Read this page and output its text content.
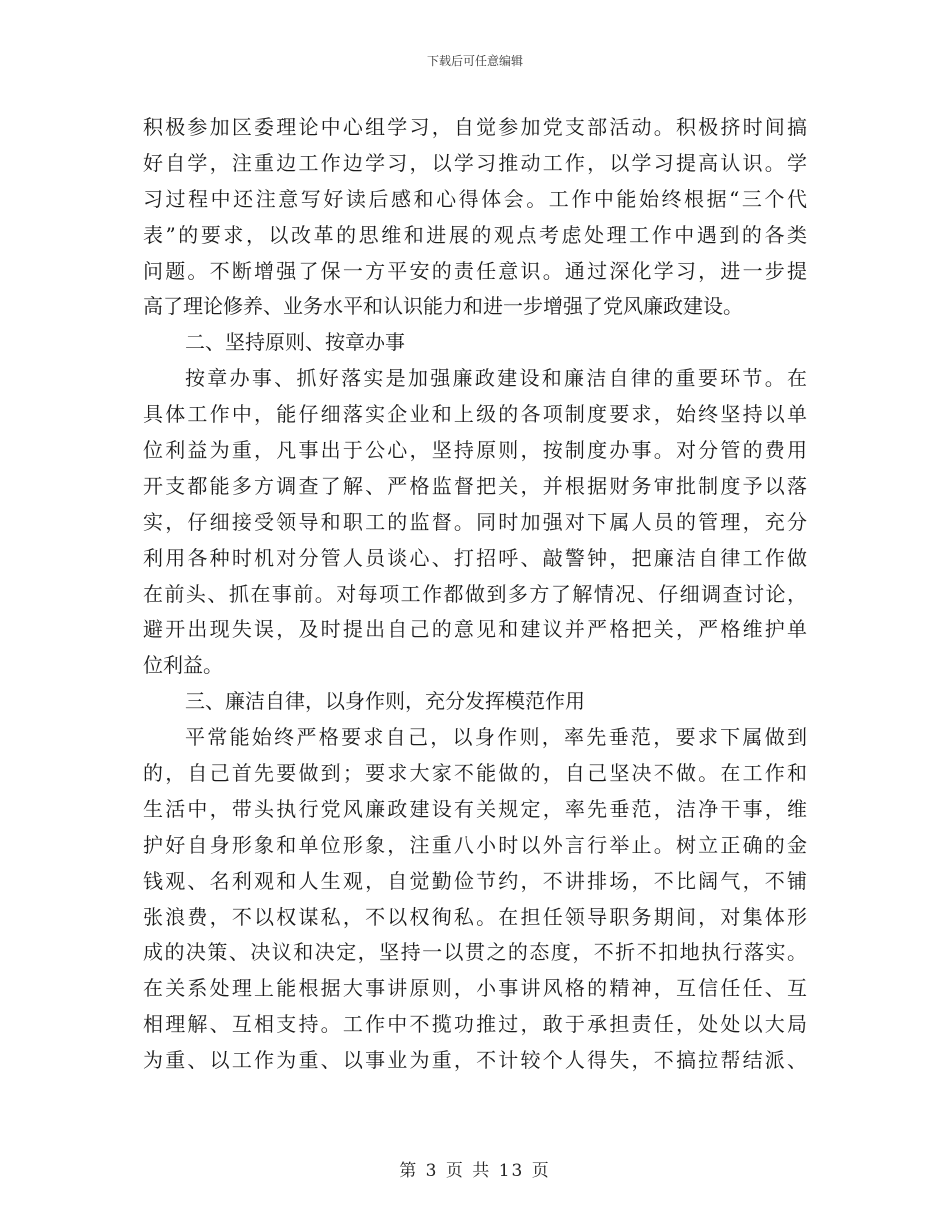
下载后可任意编辑
积极参加区委理论中心组学习，自觉参加党支部活动。积极挤时间搞
好自学，注重边工作边学习，以学习推动工作，以学习提高认识。学
习过程中还注意写好读后感和心得体会。工作中能始终根据“三个代
表”的要求，以改革的思维和进展的观点考虑处理工作中遇到的各类
问题。不断增强了保一方平安的责任意识。通过深化学习，进一步提
高了理论修养、业务水平和认识能力和进一步增强了党风廉政建设。
二、坚持原则、按章办事
按章办事、抓好落实是加强廉政建设和廉洁自律的重要环节。在
具体工作中，能仔细落实企业和上级的各项制度要求，始终坚持以单
位利益为重，凡事出于公心，坚持原则，按制度办事。对分管的费用
开支都能多方调查了解、严格监督把关，并根据财务审批制度予以落
实，仔细接受领导和职工的监督。同时加强对下属人员的管理，充分
利用各种时机对分管人员谈心、打招呼、敲警钟，把廉洁自律工作做
在前头、抓在事前。对每项工作都做到多方了解情况、仔细调查讨论，
避开出现失误，及时提出自己的意见和建议并严格把关，严格维护单
位利益。
三、廉洁自律，以身作则，充分发挥模范作用
平常能始终严格要求自己，以身作则，率先垂范，要求下属做到
的，自己首先要做到；要求大家不能做的，自己坚决不做。在工作和
生活中，带头执行党风廉政建设有关规定，率先垂范，洁净干事，维
护好自身形象和单位形象，注重八小时以外言行举止。树立正确的金
钱观、名利观和人生观，自觉勤俭节约，不讲排场，不比阔气，不铺
张浪费，不以权谋私，不以权徇私。在担任领导职务期间，对集体形
成的决策、决议和决定，坚持一以贯之的态度，不折不扣地执行落实。
在关系处理上能根据大事讲原则，小事讲风格的精神，互信任任、互
相理解、互相支持。工作中不揽功推过，敢于承担责任，处处以大局
为重、以工作为重、以事业为重，不计较个人得失，不搞拉帮结派、
第 3 页 共 13 页
